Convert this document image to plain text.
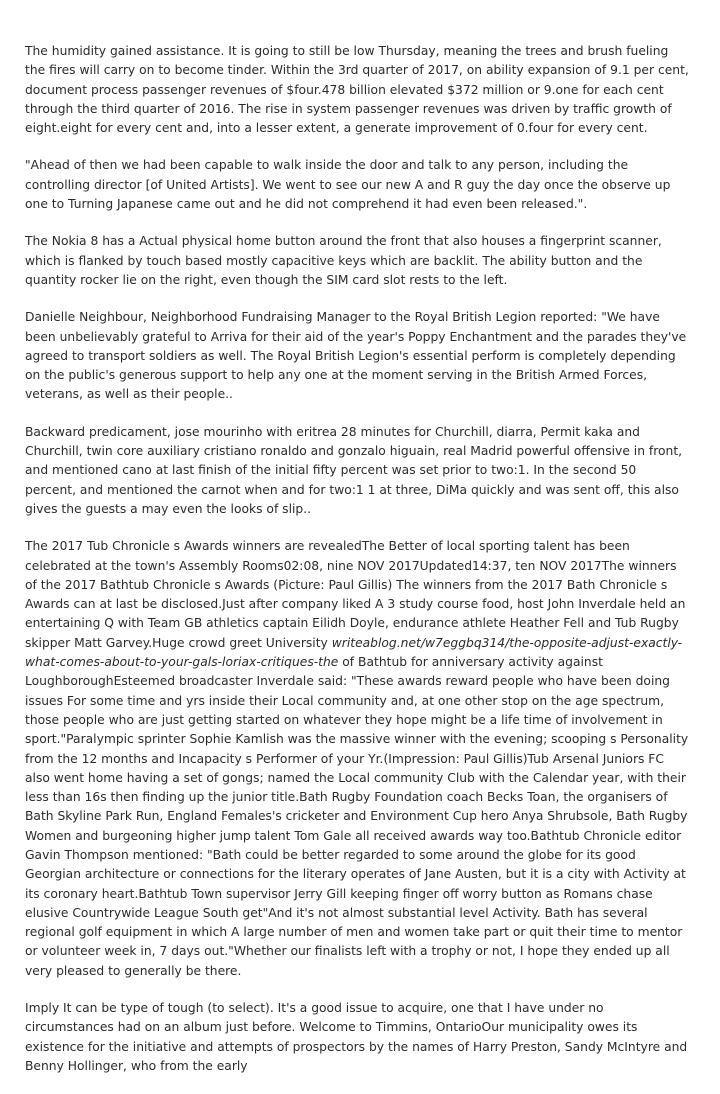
The humidity gained assistance. It is going to still be low Thursday, meaning the trees and brush fueling the fires will carry on to become tinder. Within the 3rd quarter of 2017, on ability expansion of 9.1 per cent, document process passenger revenues of $four.478 billion elevated $372 million or 9.one for each cent through the third quarter of 2016. The rise in system passenger revenues was driven by traffic growth of eight.eight for every cent and, into a lesser extent, a generate improvement of 0.four for every cent.

"Ahead of then we had been capable to walk inside the door and talk to any person, including the controlling director [of United Artists]. We went to see our new A and R guy the day once the observe up one to Turning Japanese came out and he did not comprehend it had even been released.".

The Nokia 8 has a Actual physical home button around the front that also houses a fingerprint scanner, which is flanked by touch based mostly capacitive keys which are backlit. The ability button and the quantity rocker lie on the right, even though the SIM card slot rests to the left.

Danielle Neighbour, Neighborhood Fundraising Manager to the Royal British Legion reported: "We have been unbelievably grateful to Arriva for their aid of the year's Poppy Enchantment and the parades they've agreed to transport soldiers as well. The Royal British Legion's essential perform is completely depending on the public's generous support to help any one at the moment serving in the British Armed Forces, veterans, as well as their people..

Backward predicament, jose mourinho with eritrea 28 minutes for Churchill, diarra, Permit kaka and Churchill, twin core auxiliary cristiano ronaldo and gonzalo higuain, real Madrid powerful offensive in front, and mentioned cano at last finish of the initial fifty percent was set prior to two:1. In the second 50 percent, and mentioned the carnot when and for two:1 1 at three, DiMa quickly and was sent off, this also gives the guests a may even the looks of slip..

The 2017 Tub Chronicle s Awards winners are revealedThe Better of local sporting talent has been celebrated at the town's Assembly Rooms02:08, nine NOV 2017Updated14:37, ten NOV 2017The winners of the 2017 Bathtub Chronicle s Awards (Picture: Paul Gillis) The winners from the 2017 Bath Chronicle s Awards can at last be disclosed.Just after company liked A 3 study course food, host John Inverdale held an entertaining Q with Team GB athletics captain Eilidh Doyle, endurance athlete Heather Fell and Tub Rugby skipper Matt Garvey.Huge crowd greet University writeablog.net/w7eggbq314/the-opposite-adjust-exactly-what-comes-about-to-your-gals-loriax-critiques-the of Bathtub for anniversary activity against LoughboroughEsteemed broadcaster Inverdale said: "These awards reward people who have been doing issues For some time and yrs inside their Local community and, at one other stop on the age spectrum, those people who are just getting started on whatever they hope might be a life time of involvement in sport."Paralympic sprinter Sophie Kamlish was the massive winner with the evening; scooping s Personality from the 12 months and Incapacity s Performer of your Yr.(Impression: Paul Gillis)Tub Arsenal Juniors FC also went home having a set of gongs; named the Local community Club with the Calendar year, with their less than 16s then finding up the junior title.Bath Rugby Foundation coach Becks Toan, the organisers of Bath Skyline Park Run, England Females's cricketer and Environment Cup hero Anya Shrubsole, Bath Rugby Women and burgeoning higher jump talent Tom Gale all received awards way too.Bathtub Chronicle editor Gavin Thompson mentioned: "Bath could be better regarded to some around the globe for its good Georgian architecture or connections for the literary operates of Jane Austen, but it is a city with Activity at its coronary heart.Bathtub Town supervisor Jerry Gill keeping finger off worry button as Romans chase elusive Countrywide League South get"And it's not almost substantial level Activity. Bath has several regional golf equipment in which A large number of men and women take part or quit their time to mentor or volunteer week in, 7 days out."Whether our finalists left with a trophy or not, I hope they ended up all very pleased to generally be there.

Imply It can be type of tough (to select). It's a good issue to acquire, one that I have under no circumstances had on an album just before. Welcome to Timmins, OntarioOur municipality owes its existence for the initiative and attempts of prospectors by the names of Harry Preston, Sandy McIntyre and Benny Hollinger, who from the early
